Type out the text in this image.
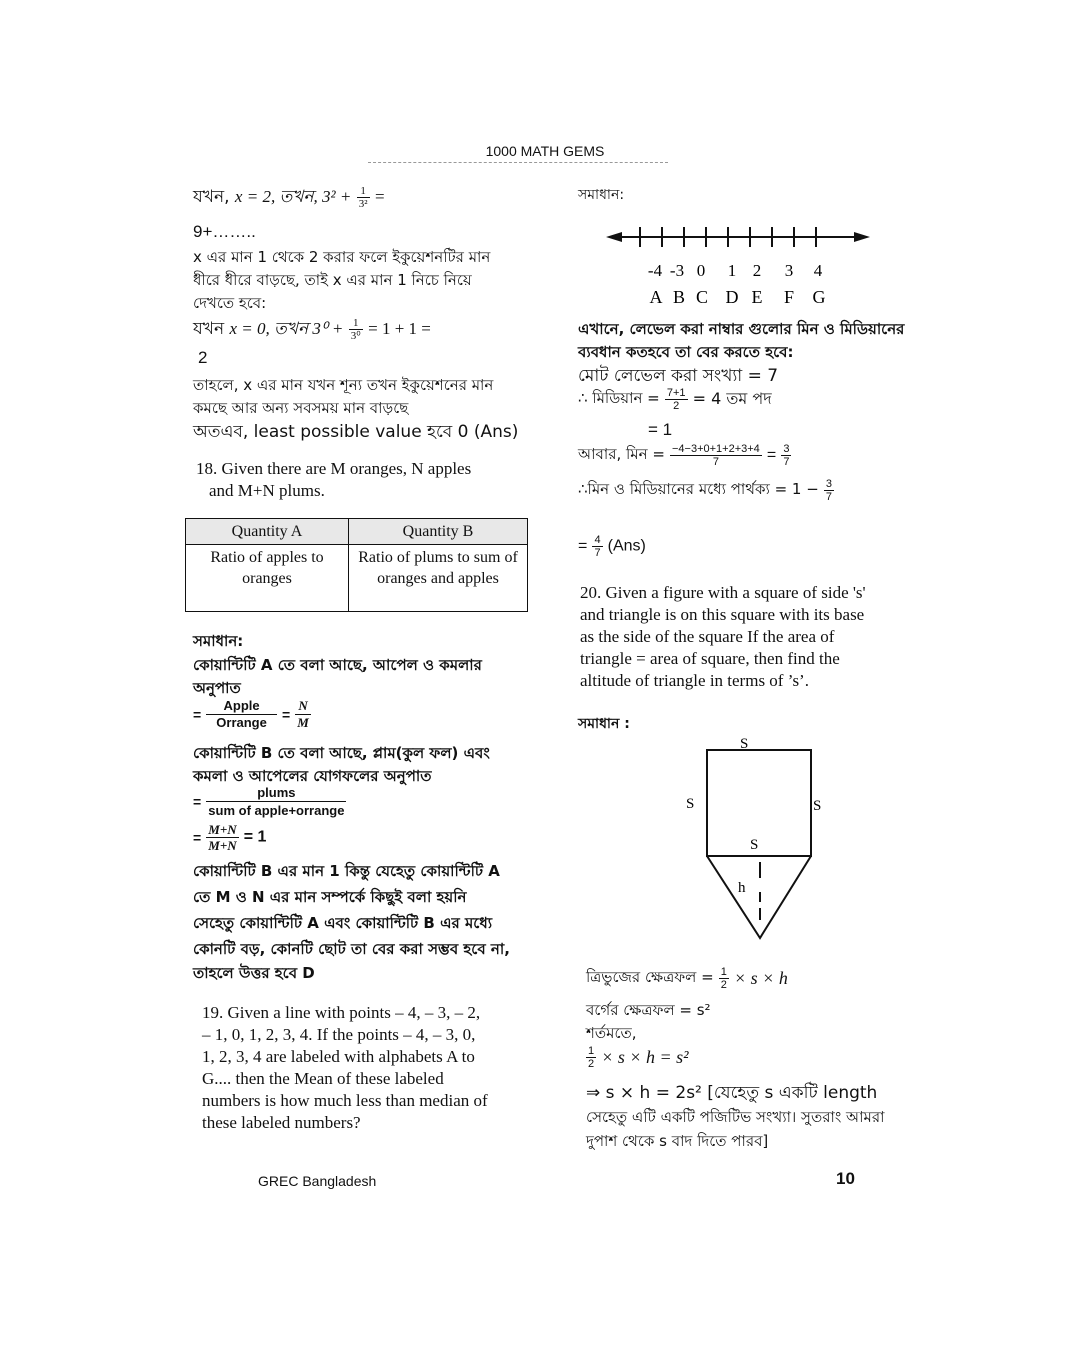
1000 MATH GEMS
যখন, x = 2, তখন, $3^2 + \frac{1}{\text{3²}}$ =
9+……..
x এর মান 1 থেকে 2 করার ফলে ইকুয়েশনটির মান
ধীরে ধীরে বাড়ছে, তাই x এর মান 1 নিচে নিয়ে
দেখতে হবে:
যখন x = 0, তখন $3^0 + \frac{1}{\text{3⁰}} = 1 + 1$ =
2
তাহলে, x এর মান যখন শূন্য তখন ইকুয়েশনের মান
কমছে আর অন্য সবসময় মান বাড়ছে
অতএব, least possible value হবে 0 (Ans)
18. Given there are M oranges, N apples
and M+N plums.
Quantity A	Quantity B
Ratio of apples to oranges	Ratio of plums to sum of oranges and apples
সমাধান:
কোয়ান্টিটি A তে বলা আছে, আপেল ও কমলার
অনুপাত
= $\frac{\text{Apple}}{\text{Orrange}} = \frac{N}{M}$
কোয়ান্টিটি B তে বলা আছে, প্লাম(কুল ফল) এবং
কমলা ও আপেলের যোগফলের অনুপাত
= $\frac{\text{plums}}{\text{sum of apple+orrange}}$
= $\frac{M+N}{M+N} = 1$
কোয়ান্টিটি B এর মান 1 কিন্তু যেহেতু কোয়ান্টিটি A
তে M ও N এর মান সম্পর্কে কিছুই বলা হয়নি
সেহেতু কোয়ান্টিটি A এবং কোয়ান্টিটি B এর মধ্যে
কোনটি বড়, কোনটি ছোট তা বের করা সম্ভব হবে না,
তাহলে উত্তর হবে D
19. Given a line with points – 4, – 3, – 2,
– 1, 0, 1, 2, 3, 4. If the points – 4, – 3, 0,
1, 2, 3, 4 are labeled with alphabets A to
G.... then the Mean of these labeled
numbers is how much less than median of
these labeled numbers?
সমাধান:
-4 -3 0 1 2 3 4
A B C D E F G
এখানে, লেভেল করা নাম্বার গুলোর মিন ও মিডিয়ানের
ব্যবধান কতহবে তা বের করতে হবে:
মোট লেভেল করা সংখ্যা = 7
∴ মিডিয়ান = $\frac{7+1}{2} = 4$ তম পদ
= 1
আবার, মিন = $\frac{-4-3+0+1+2+3+4}{7} = \frac{3}{7}$
∴মিন ও মিডিয়ানের মধ্যে পার্থক্য = $1 - \frac{3}{7}$
= $\frac{4}{7} (Ans)$
20. Given a figure with a square of side 's'
and triangle is on this square with its base
as the side of the square If the area of
triangle = area of square, then find the
altitude of triangle in terms of ’s’.
সমাধান :
S
S	S
S
h
ত্রিভুজের ক্ষেত্রফল = $\frac{1}{2} \times s \times h$
বর্গের ক্ষেত্রফল = s²
শর্তমতে,
$\frac{1}{2} \times s \times h = s^2$
⇒ s × h = 2s² [যেহেতু s একটি length
সেহেতু এটি একটি পজিটিভ সংখ্যা। সুতরাং আমরা
দুপাশ থেকে s বাদ দিতে পারব]
GREC Bangladesh	10
